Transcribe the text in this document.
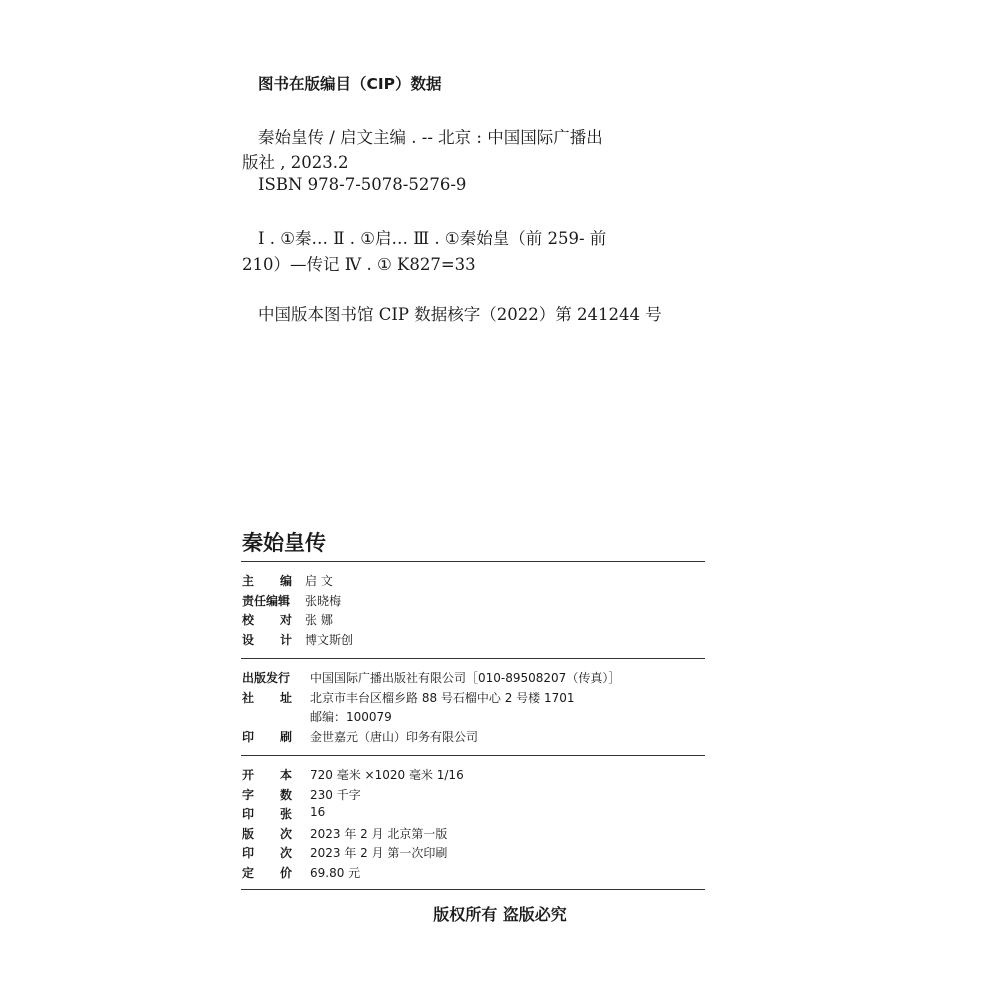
图书在版编目（CIP）数据
秦始皇传 / 启文主编 . -- 北京 : 中国国际广播出
版社 , 2023.2
ISBN 978-7-5078-5276-9
Ⅰ . ①秦… Ⅱ . ①启… Ⅲ . ①秦始皇（前 259- 前
210）—传记 Ⅳ . ① K827=33
中国版本图书馆 CIP 数据核字（2022）第 241244 号
秦始皇传
主 编 启 文
责任编辑 张晓梅
校 对 张 娜
设 计 博文斯创
出版发行 中国国际广播出版社有限公司［010-89508207（传真）］
社 址 北京市丰台区榴乡路 88 号石榴中心 2 号楼 1701
邮编：100079
印 刷 金世嘉元（唐山）印务有限公司
开 本 720 毫米 ×1020 毫米 1/16
字 数 230 千字
印 张 16
版 次 2023 年 2 月 北京第一版
印 次 2023 年 2 月 第一次印刷
定 价 69.80 元
版权所有 盗版必究
